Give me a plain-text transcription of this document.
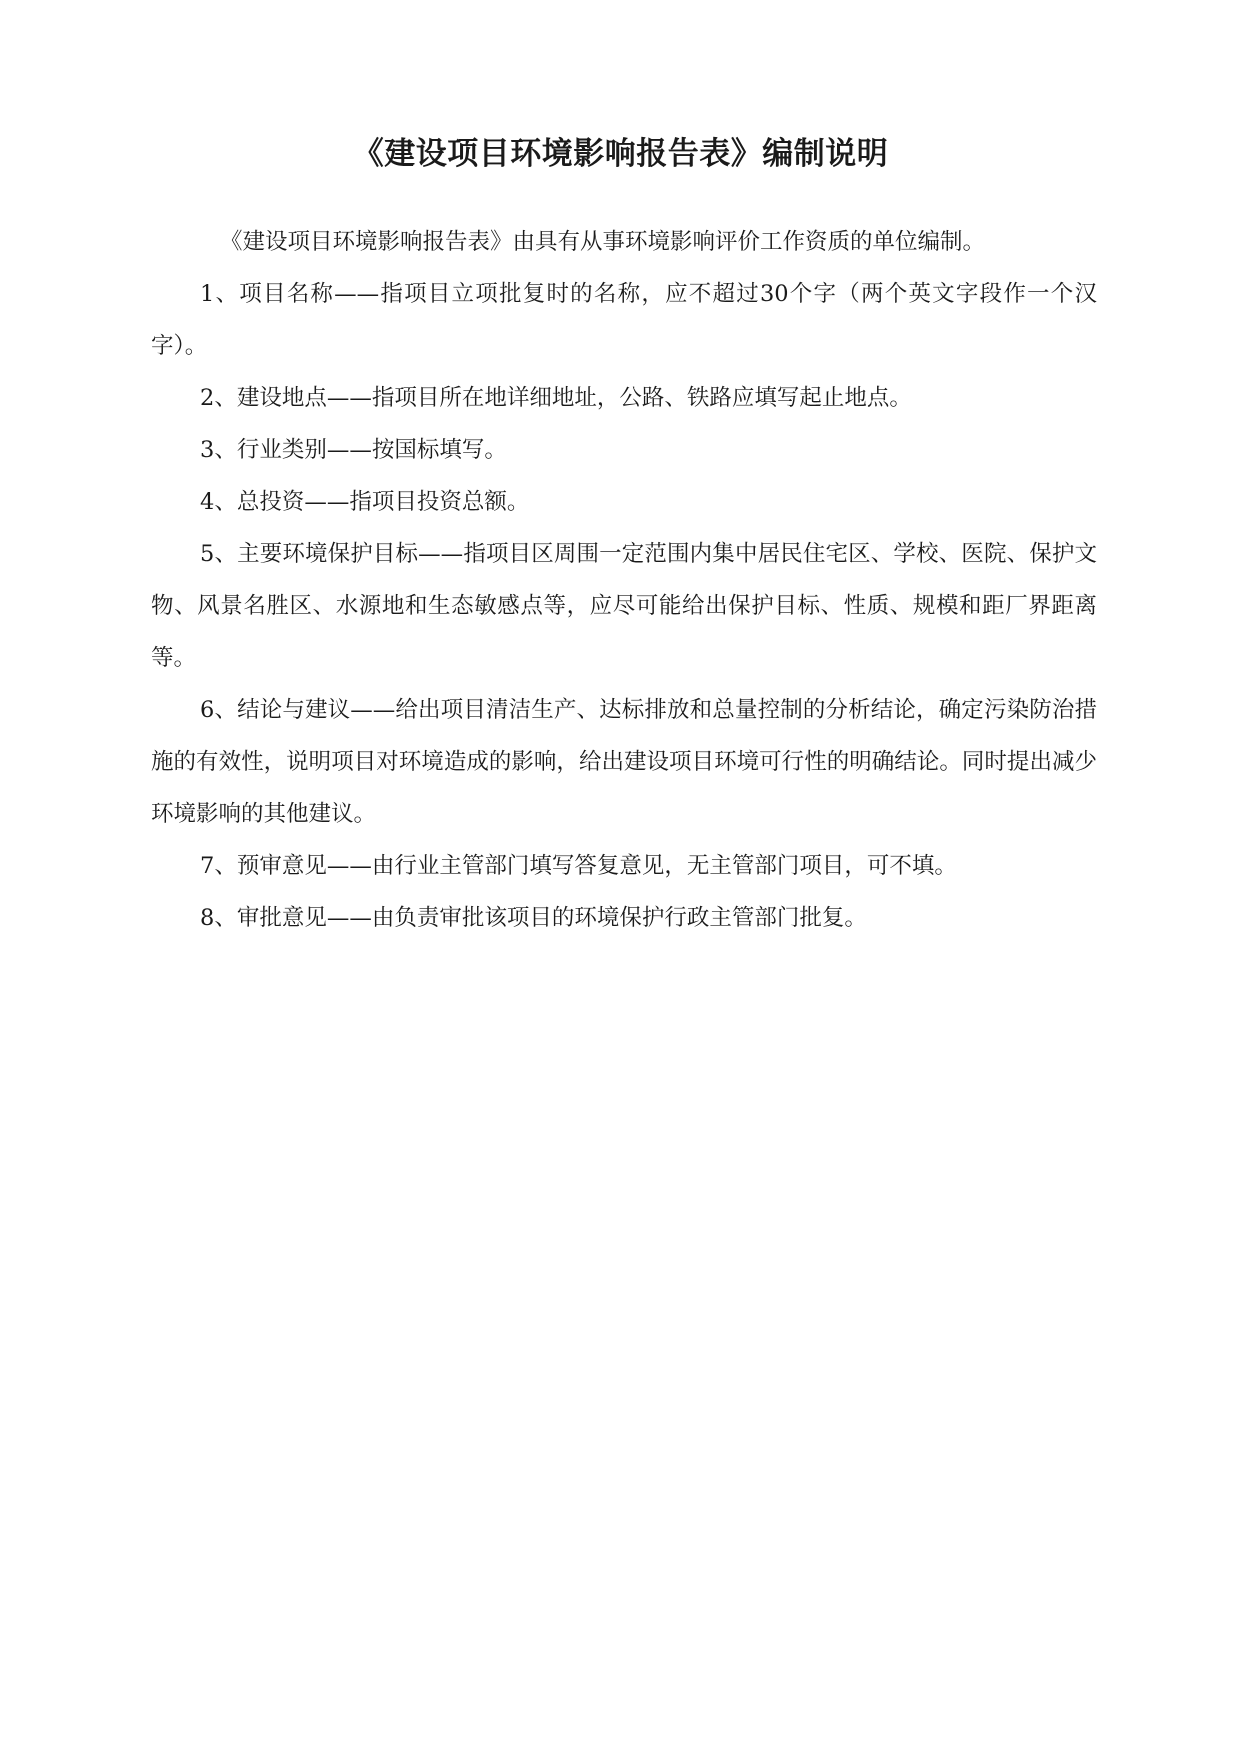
《建设项目环境影响报告表》编制说明

《建设项目环境影响报告表》由具有从事环境影响评价工作资质的单位编制。

1、项目名称——指项目立项批复时的名称，应不超过30个字（两个英文字段作一个汉字）。

2、建设地点——指项目所在地详细地址，公路、铁路应填写起止地点。

3、行业类别——按国标填写。

4、总投资——指项目投资总额。

5、主要环境保护目标——指项目区周围一定范围内集中居民住宅区、学校、医院、保护文物、风景名胜区、水源地和生态敏感点等，应尽可能给出保护目标、性质、规模和距厂界距离等。

6、结论与建议——给出项目清洁生产、达标排放和总量控制的分析结论，确定污染防治措施的有效性，说明项目对环境造成的影响，给出建设项目环境可行性的明确结论。同时提出减少环境影响的其他建议。

7、预审意见——由行业主管部门填写答复意见，无主管部门项目，可不填。

8、审批意见——由负责审批该项目的环境保护行政主管部门批复。
